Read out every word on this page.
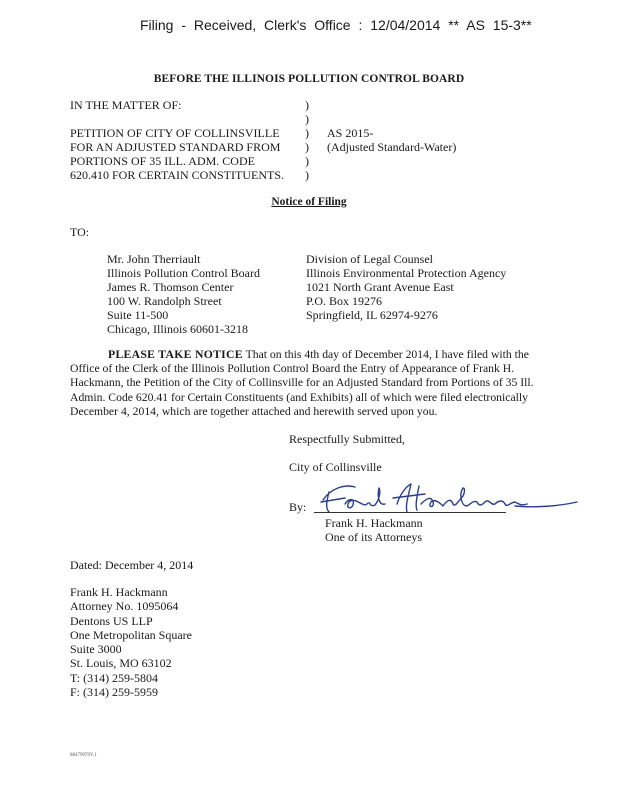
Filing - Received, Clerk's Office : 12/04/2014 ** AS 15-3**
BEFORE THE ILLINOIS POLLUTION CONTROL BOARD
IN THE MATTER OF:

PETITION OF CITY OF COLLINSVILLE
FOR AN ADJUSTED STANDARD FROM
PORTIONS OF 35 ILL. ADM. CODE
620.410 FOR CERTAIN CONSTITUENTS.
)
)
)
)
)
)
AS 2015-
(Adjusted Standard-Water)
Notice of Filing
TO:
Mr. John Therriault
Illinois Pollution Control Board
James R. Thomson Center
100 W. Randolph Street
Suite 11-500
Chicago, Illinois 60601-3218
Division of Legal Counsel
Illinois Environmental Protection Agency
1021 North Grant Avenue East
P.O. Box 19276
Springfield, IL 62974-9276
PLEASE TAKE NOTICE That on this 4th day of December 2014, I have filed with the Office of the Clerk of the Illinois Pollution Control Board the Entry of Appearance of Frank H. Hackmann, the Petition of the City of Collinsville for an Adjusted Standard from Portions of 35 Ill. Admin. Code 620.41 for Certain Constituents (and Exhibits) all of which were filed electronically December 4, 2014, which are together attached and herewith served upon you.
Respectfully Submitted,
City of Collinsville
By:
Frank H. Hackmann
One of its Attorneys
Dated: December 4, 2014
Frank H. Hackmann
Attorney No. 1095064
Dentons US LLP
One Metropolitan Square
Suite 3000
St. Louis, MO 63102
T: (314) 259-5804
F: (314) 259-5959
88479979V.1
